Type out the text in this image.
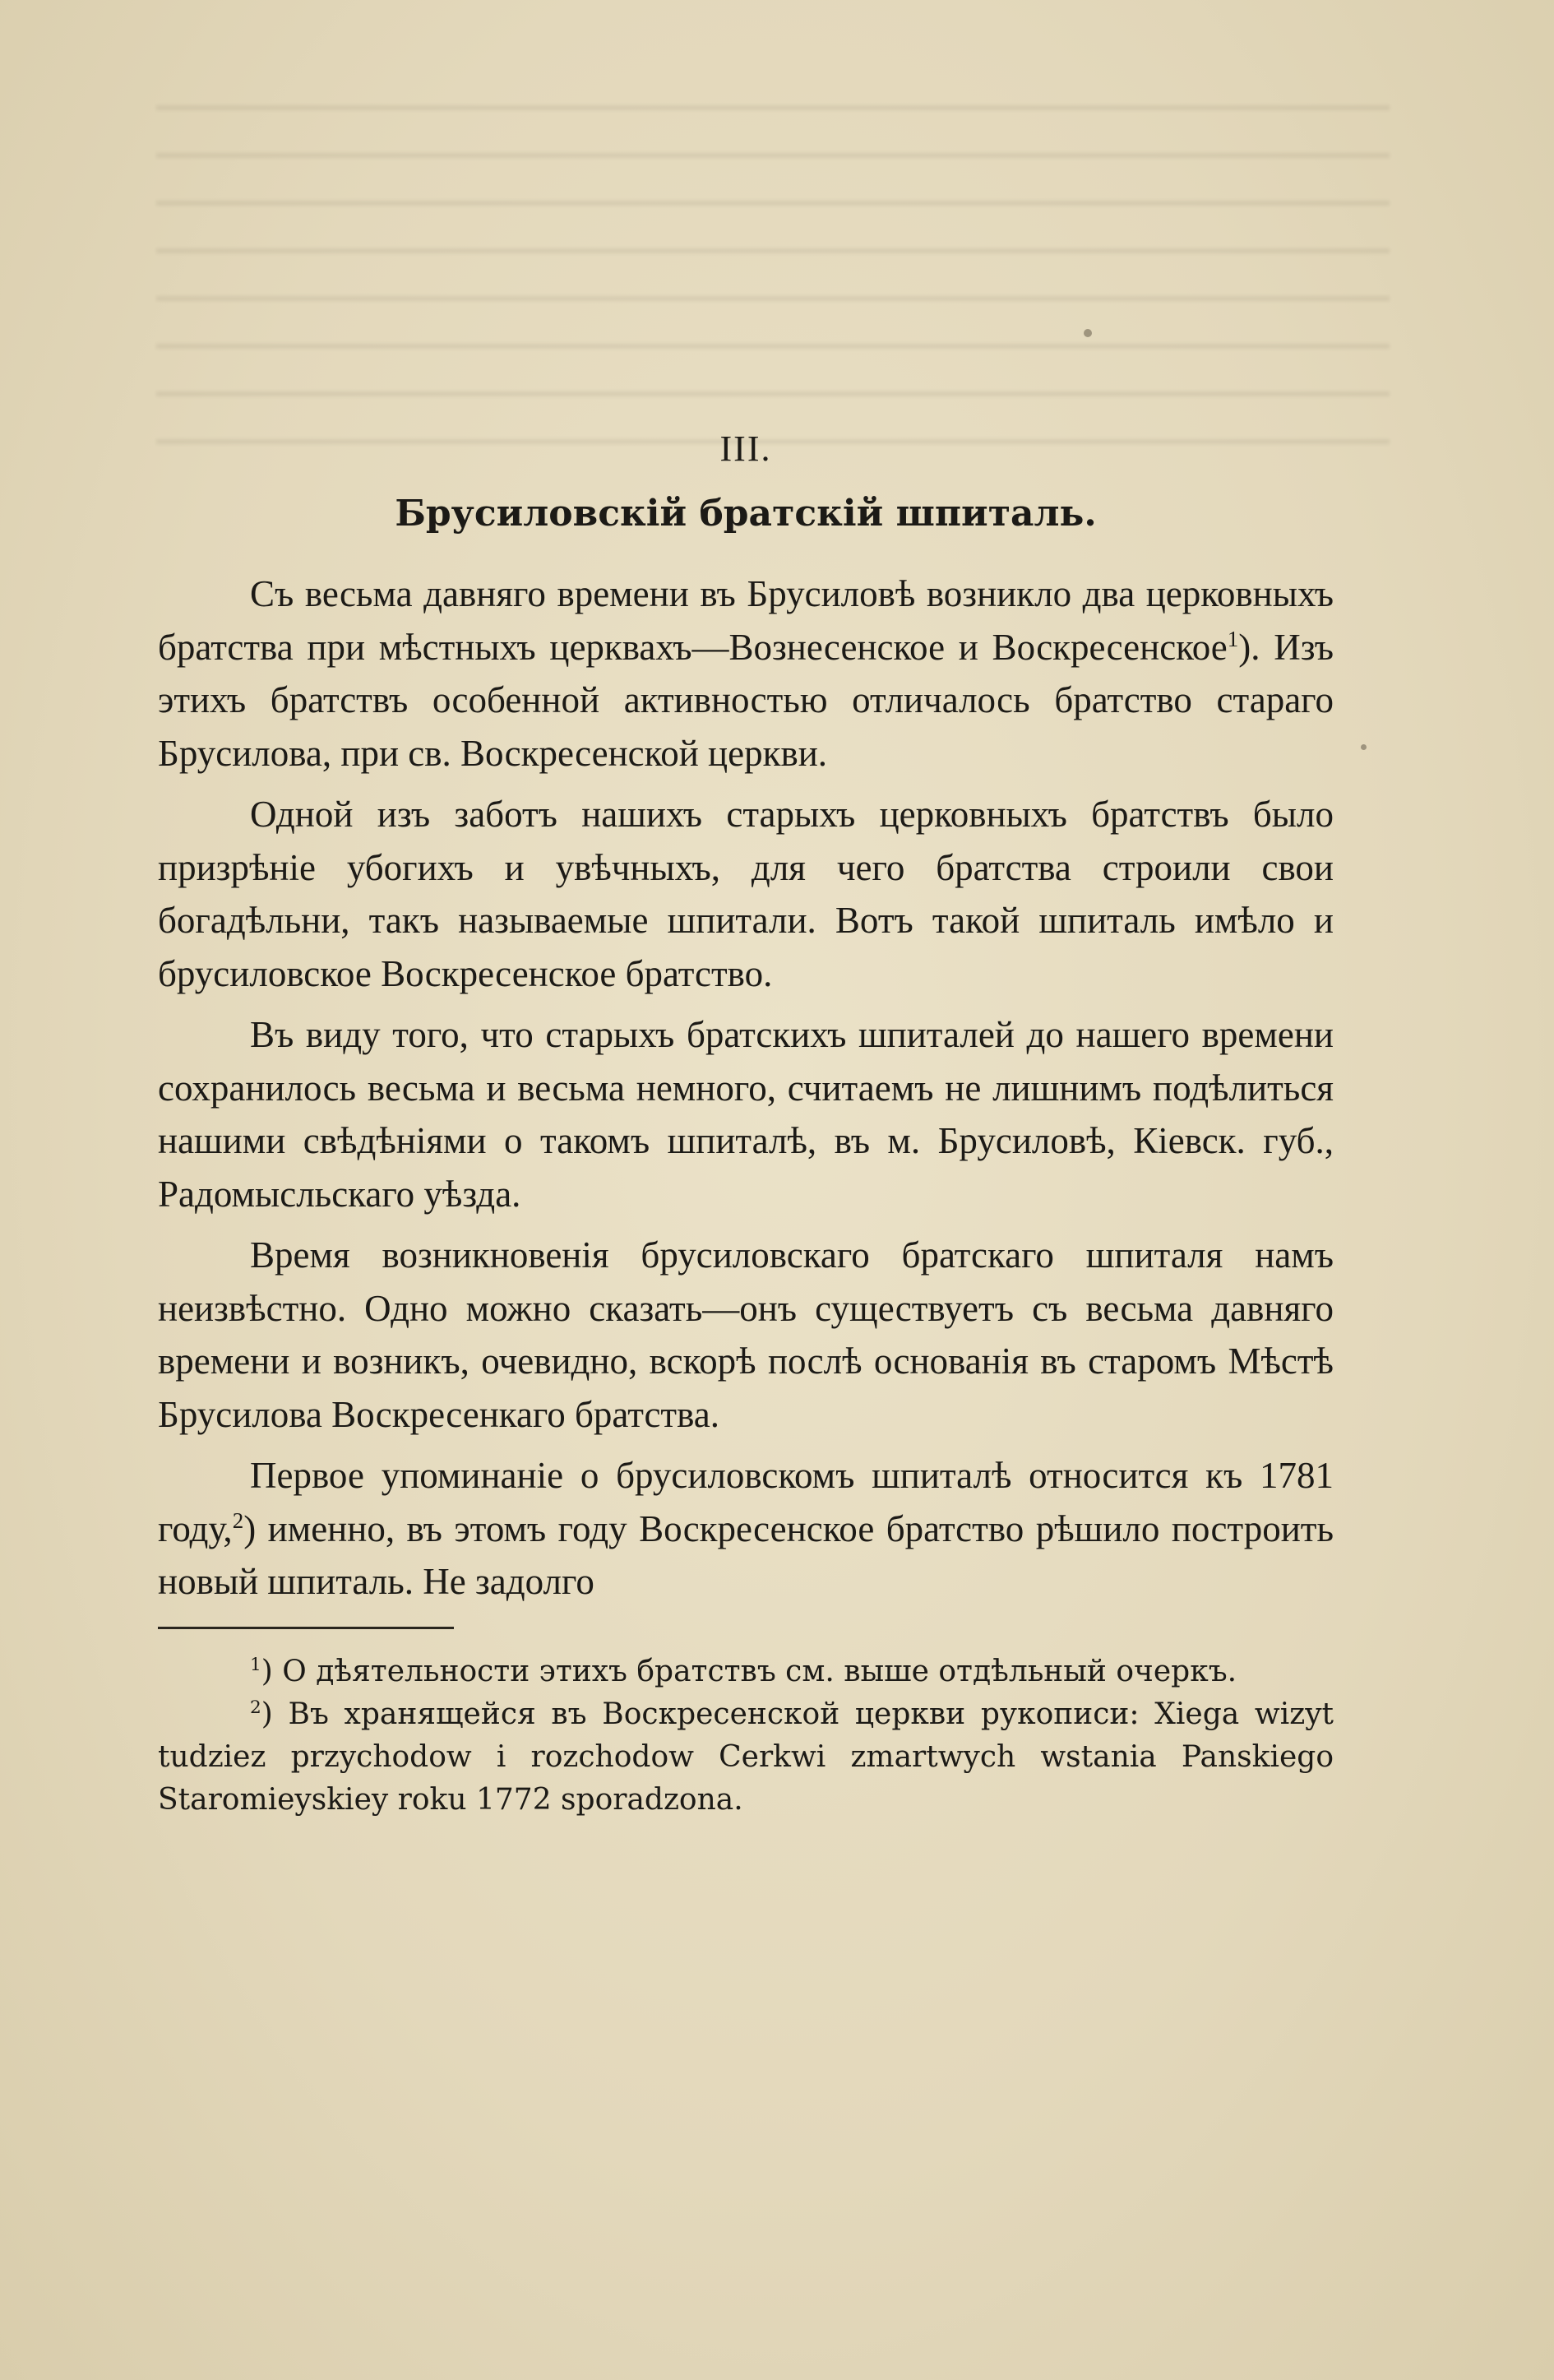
III.
Брусиловскій братскій шпиталь.

Съ весьма давняго времени въ Брусиловѣ возникло два церковныхъ братства при мѣстныхъ церквахъ—Вознесенское и Воскресенское$^1$). Изъ этихъ братствъ особенной активностью отличалось братство стараго Брусилова, при св. Воскресенской церкви.

Одной изъ заботъ нашихъ старыхъ церковныхъ братствъ было призрѣніе убогихъ и увѣчныхъ, для чего братства строили свои богадѣльни, такъ называемые шпитали. Вотъ такой шпиталь имѣло и брусиловское Воскресенское братство.

Въ виду того, что старыхъ братскихъ шпиталей до нашего времени сохранилось весьма и весьма немного, считаемъ не лишнимъ подѣлиться нашими свѣдѣніями о такомъ шпиталѣ, въ м. Брусиловѣ, Кіевск. губ., Радомысльскаго уѣзда.

Время возникновенія брусиловскаго братскаго шпиталя намъ неизвѣстно. Одно можно сказать—онъ существуетъ съ весьма давняго времени и возникъ, очевидно, вскорѣ послѣ основанія въ старомъ Мѣстѣ Брусилова Воскресенкаго братства.

Первое упоминаніе о брусиловскомъ шпиталѣ относится къ 1781 году,$^2$) именно, въ этомъ году Воскресенское братство рѣшило построить новый шпиталь. Не задолго

$^1$) О дѣятельности этихъ братствъ см. выше отдѣльный очеркъ.

$^2$) Въ хранящейся въ Воскресенской церкви рукописи: Xiega wizyt tudziez przychodow i rozchodow Cerkwi zmartwych wstania Panskiego Staromieyskiey roku 1772 sporadzona.
